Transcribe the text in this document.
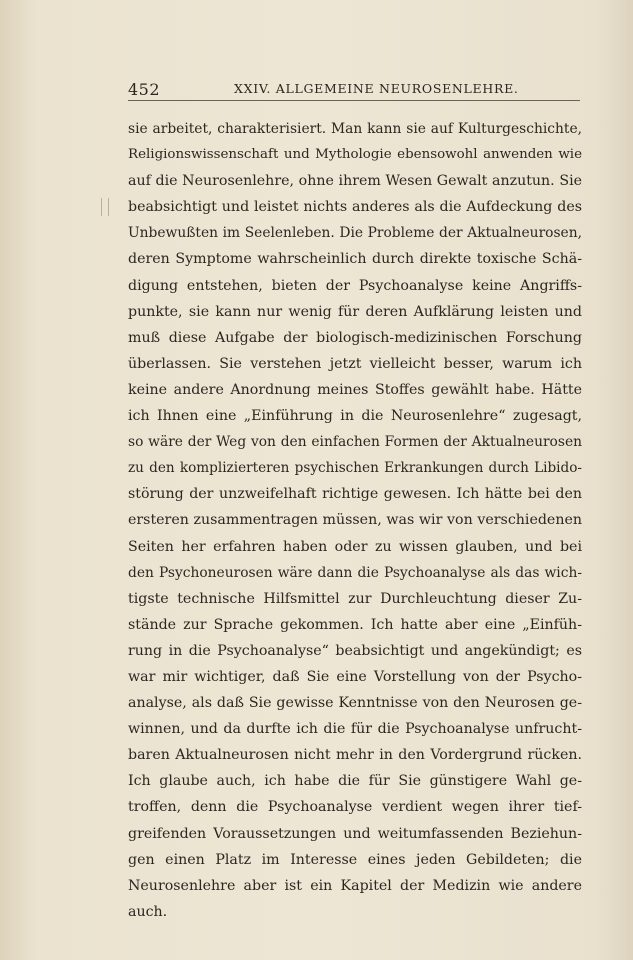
452	XXIV. ALLGEMEINE NEUROSENLEHRE.
sie arbeitet, charakterisiert. Man kann sie auf Kulturgeschichte,
Religionswissenschaft und Mythologie ebensowohl anwenden wie
auf die Neurosenlehre, ohne ihrem Wesen Gewalt anzutun. Sie
beabsichtigt und leistet nichts anderes als die Aufdeckung des
Unbewußten im Seelenleben. Die Probleme der Aktualneurosen,
deren Symptome wahrscheinlich durch direkte toxische Schä-
digung entstehen, bieten der Psychoanalyse keine Angriffs-
punkte, sie kann nur wenig für deren Aufklärung leisten und
muß diese Aufgabe der biologisch-medizinischen Forschung
überlassen. Sie verstehen jetzt vielleicht besser, warum ich
keine andere Anordnung meines Stoffes gewählt habe. Hätte
ich Ihnen eine „Einführung in die Neurosenlehre“ zugesagt,
so wäre der Weg von den einfachen Formen der Aktualneurosen
zu den komplizierteren psychischen Erkrankungen durch Libido-
störung der unzweifelhaft richtige gewesen. Ich hätte bei den
ersteren zusammentragen müssen, was wir von verschiedenen
Seiten her erfahren haben oder zu wissen glauben, und bei
den Psychoneurosen wäre dann die Psychoanalyse als das wich-
tigste technische Hilfsmittel zur Durchleuchtung dieser Zu-
stände zur Sprache gekommen. Ich hatte aber eine „Einfüh-
rung in die Psychoanalyse“ beabsichtigt und angekündigt; es
war mir wichtiger, daß Sie eine Vorstellung von der Psycho-
analyse, als daß Sie gewisse Kenntnisse von den Neurosen ge-
winnen, und da durfte ich die für die Psychoanalyse unfrucht-
baren Aktualneurosen nicht mehr in den Vordergrund rücken.
Ich glaube auch, ich habe die für Sie günstigere Wahl ge-
troffen, denn die Psychoanalyse verdient wegen ihrer tief-
greifenden Voraussetzungen und weitumfassenden Beziehun-
gen einen Platz im Interesse eines jeden Gebildeten; die
Neurosenlehre aber ist ein Kapitel der Medizin wie andere
auch.
